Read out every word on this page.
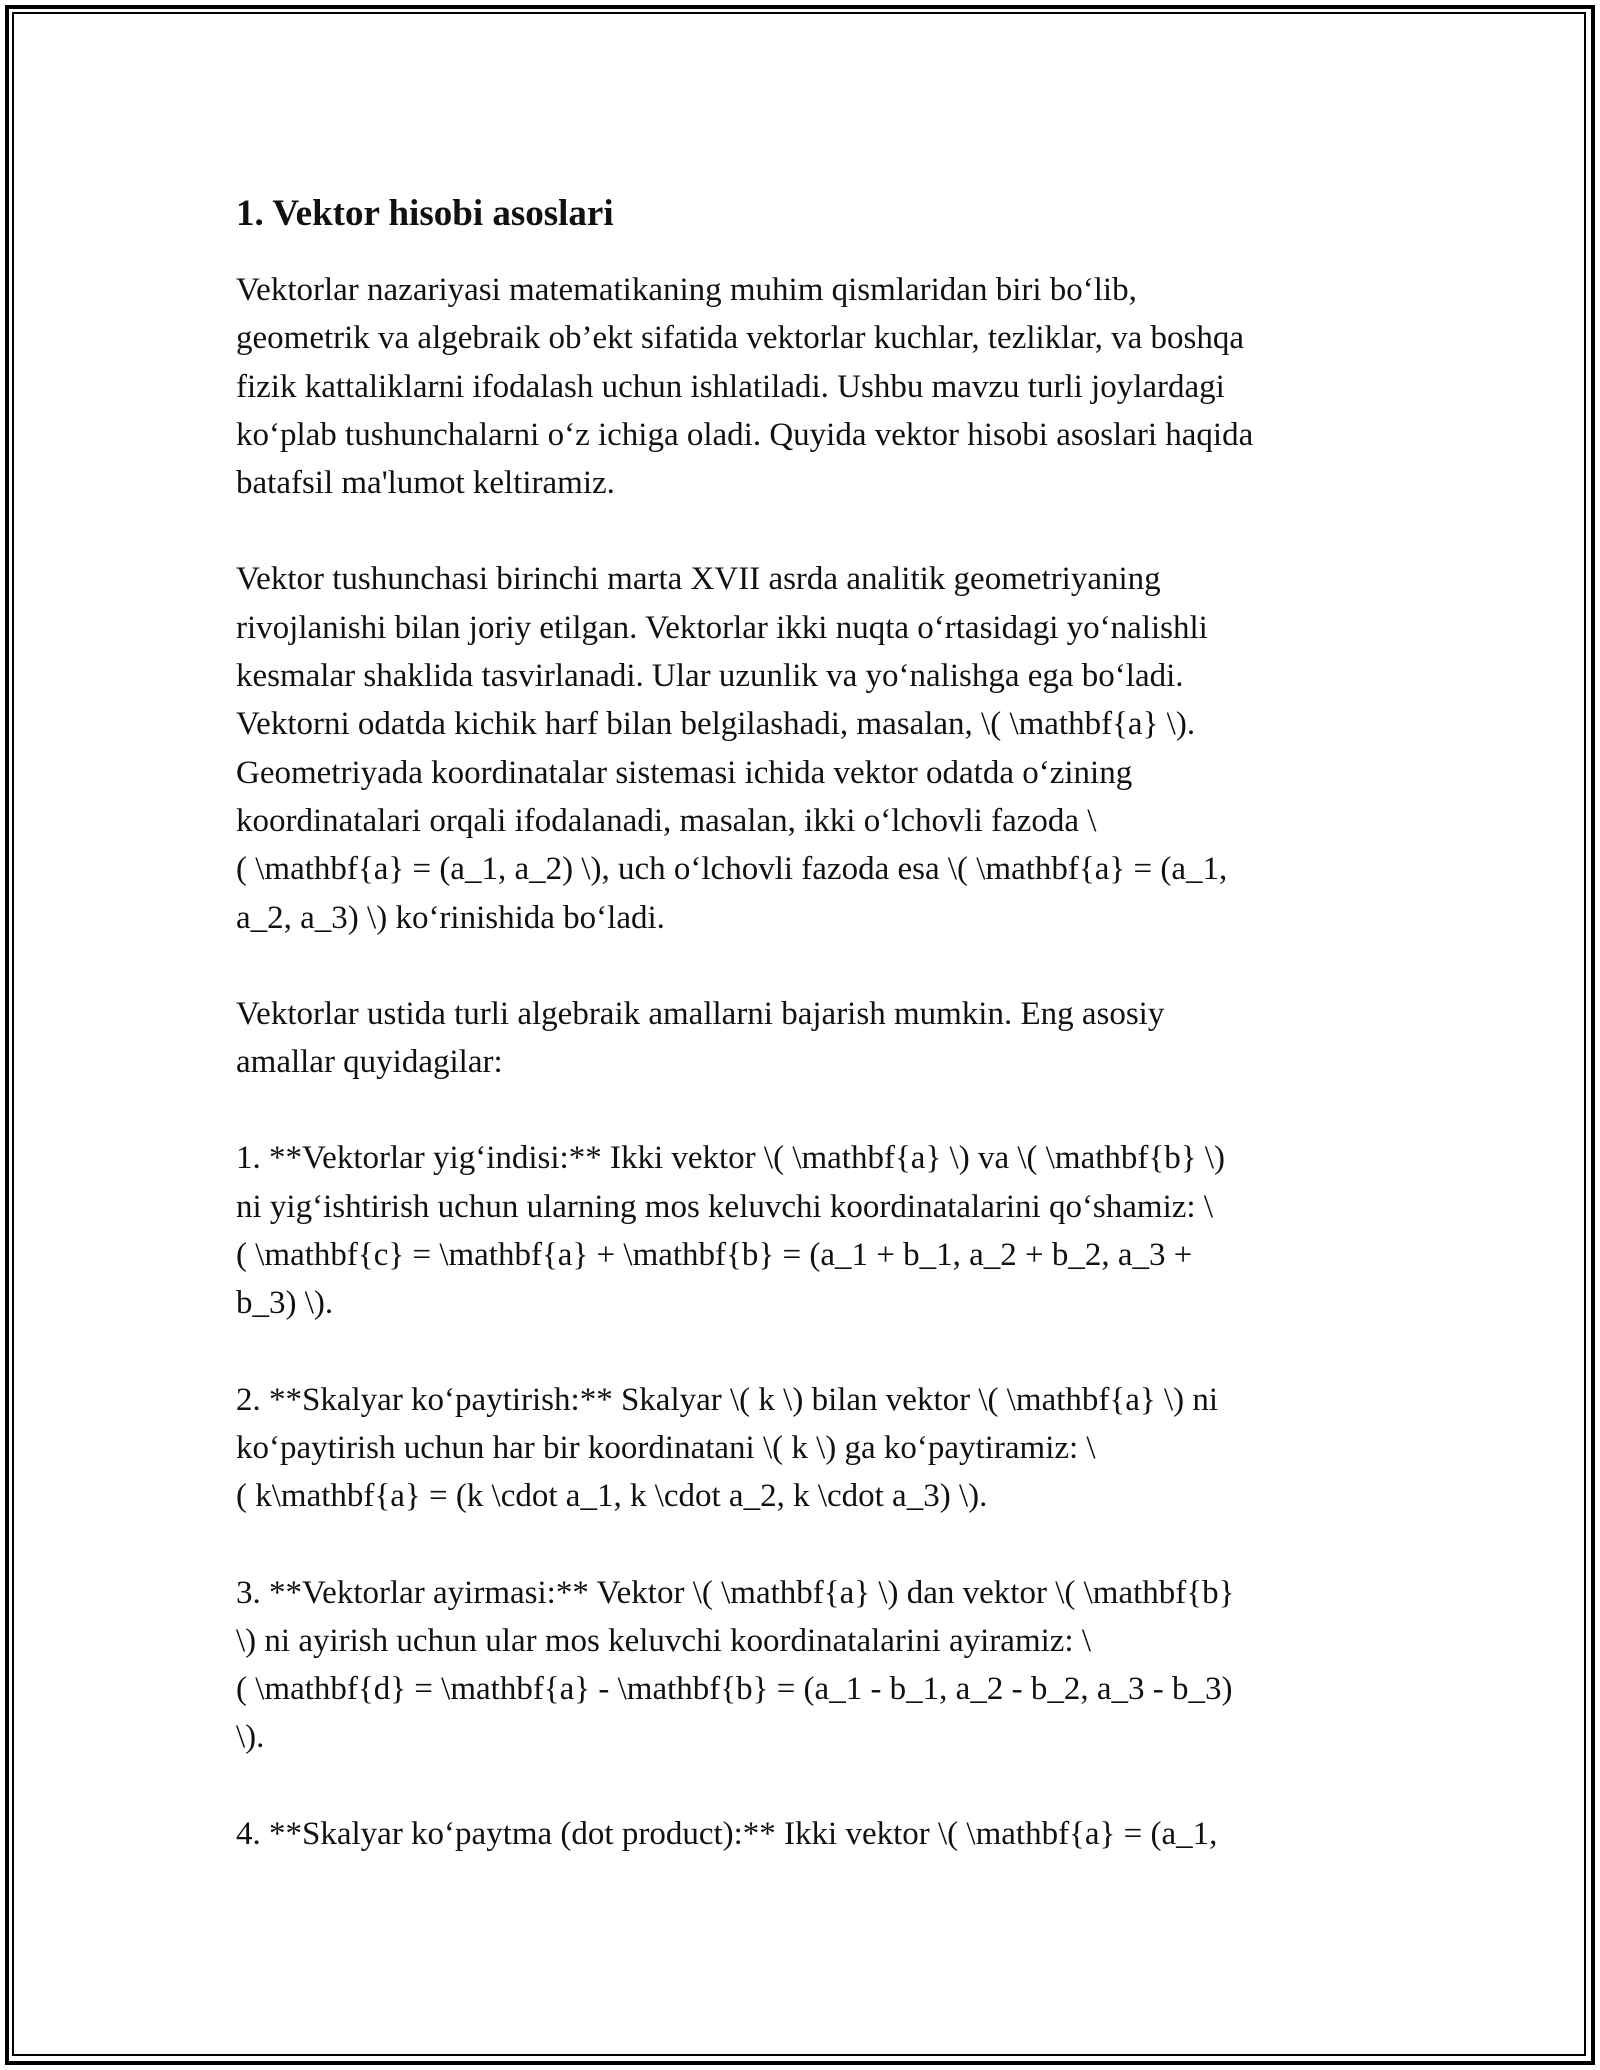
1. Vektor hisobi asoslari

Vektorlar nazariyasi matematikaning muhim qismlaridan biri bo‘lib,
geometrik va algebraik ob’ekt sifatida vektorlar kuchlar, tezliklar, va boshqa
fizik kattaliklarni ifodalash uchun ishlatiladi. Ushbu mavzu turli joylardagi
ko‘plab tushunchalarni o‘z ichiga oladi. Quyida vektor hisobi asoslari haqida
batafsil ma'lumot keltiramiz.

Vektor tushunchasi birinchi marta XVII asrda analitik geometriyaning
rivojlanishi bilan joriy etilgan. Vektorlar ikki nuqta o‘rtasidagi yo‘nalishli
kesmalar shaklida tasvirlanadi. Ular uzunlik va yo‘nalishga ega bo‘ladi.
Vektorni odatda kichik harf bilan belgilashadi, masalan, \( \mathbf{a} \).
Geometriyada koordinatalar sistemasi ichida vektor odatda o‘zining
koordinatalari orqali ifodalanadi, masalan, ikki o‘lchovli fazoda \
( \mathbf{a} = (a_1, a_2) \), uch o‘lchovli fazoda esa \( \mathbf{a} = (a_1,
a_2, a_3) \) ko‘rinishida bo‘ladi.

Vektorlar ustida turli algebraik amallarni bajarish mumkin. Eng asosiy
amallar quyidagilar:

1. **Vektorlar yig‘indisi:** Ikki vektor \( \mathbf{a} \) va \( \mathbf{b} \)
ni yig‘ishtirish uchun ularning mos keluvchi koordinatalarini qo‘shamiz: \
( \mathbf{c} = \mathbf{a} + \mathbf{b} = (a_1 + b_1, a_2 + b_2, a_3 +
b_3) \).

2. **Skalyar ko‘paytirish:** Skalyar \( k \) bilan vektor \( \mathbf{a} \) ni
ko‘paytirish uchun har bir koordinatani \( k \) ga ko‘paytiramiz: \
( k\mathbf{a} = (k \cdot a_1, k \cdot a_2, k \cdot a_3) \).

3. **Vektorlar ayirmasi:** Vektor \( \mathbf{a} \) dan vektor \( \mathbf{b}
\) ni ayirish uchun ular mos keluvchi koordinatalarini ayiramiz: \
( \mathbf{d} = \mathbf{a} - \mathbf{b} = (a_1 - b_1, a_2 - b_2, a_3 - b_3)
\).

4. **Skalyar ko‘paytma (dot product):** Ikki vektor \( \mathbf{a} = (a_1,
